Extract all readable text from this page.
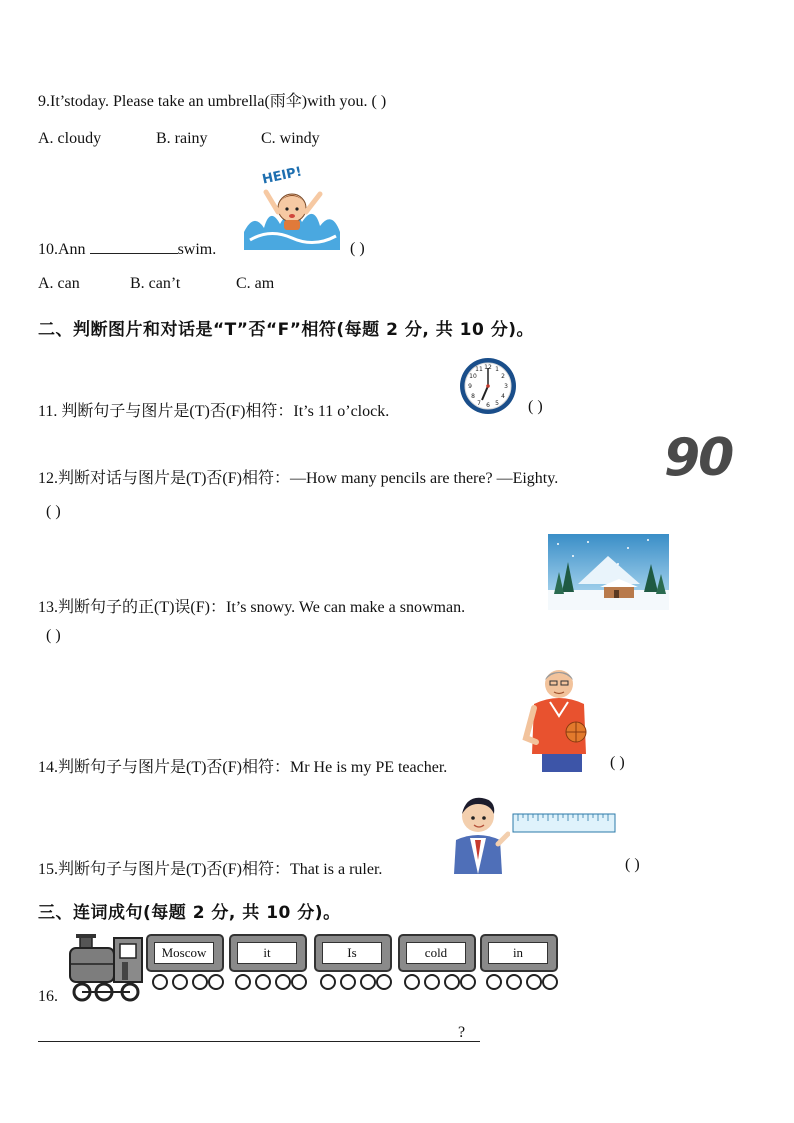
9.It’stoday. Please take an umbrella(雨伞)with you. ( )
A. cloudy	B. rainy	C. windy
10.Ann	swim.	( )
HEIP!
A. can	B. can’t	C. am
二、判断图片和对话是“T”否“F”相符(每题 2 分, 共 10 分)。
11. 判断句子与图片是(T)否(F)相符：It’s 11 o’clock.
12 1
2
3
4
5
6
7
8
9
10
11
( )
12.判断对话与图片是(T)否(F)相符：—How many pencils are there? —Eighty. 90
( )
13.判断句子的正(T)误(F)：It’s snowy. We can make a snowman.
( )
14.判断句子与图片是(T)否(F)相符：Mr He is my PE teacher.	( )
15.判断句子与图片是(T)否(F)相符：That is a ruler.	( )
三、连词成句(每题 2 分, 共 10 分)。
16.
Moscow	it	Is	cold	in
?
